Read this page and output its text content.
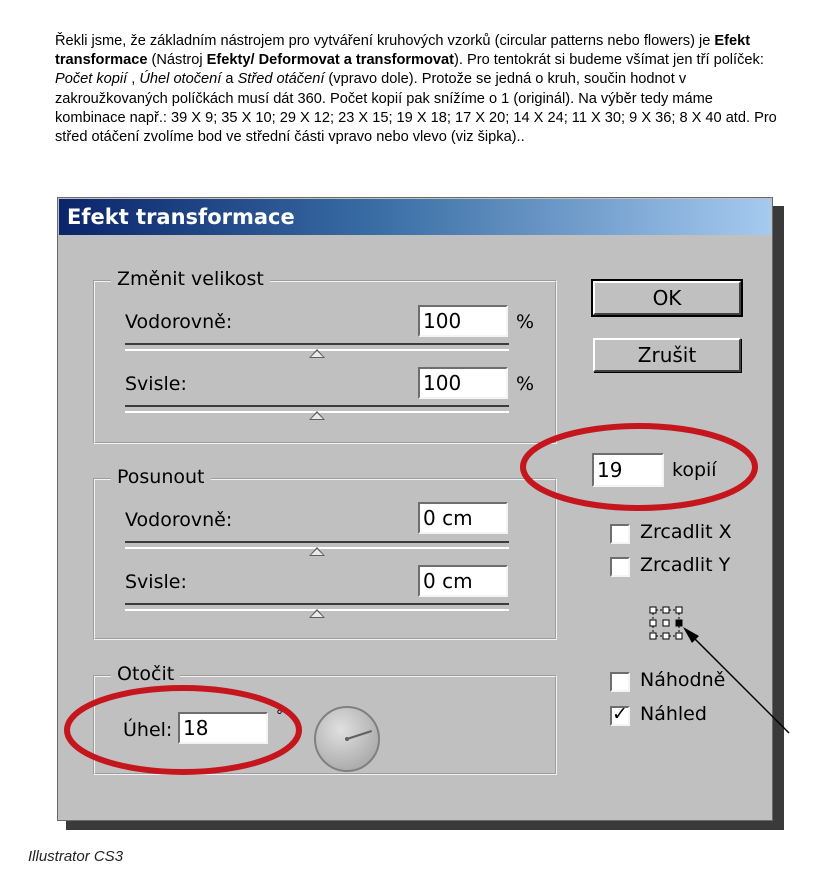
Řekli jsme, že základním nástrojem pro vytváření kruhových vzorků (circular patterns nebo flowers) je Efekt transformace (Nástroj Efekty/ Deformovat a transformovat). Pro tentokrát si budeme všímat jen tří políček: Počet kopií , Úhel otočení a Střed otáčení (vpravo dole). Protože se jedná o kruh, součin hodnot v zakroužkovaných políčkách musí dát 360. Počet kopií pak snížíme o 1 (originál). Na výběr tedy máme kombinace např.: 39 X 9; 35 X 10; 29 X 12; 23 X 15; 19 X 18; 17 X 20; 14 X 24; 11 X 30; 9 X 36; 8 X 40 atd. Pro střed otáčení zvolíme bod ve střední části vpravo nebo vlevo (viz šipka)..

Efekt transformace
Změnit velikost
Vodorovně:	100	%
Svisle:	100	%
Posunout
Vodorovně:	0 cm
Svisle:	0 cm
Otočit
Úhel: 18	°
OK
Zrušit
19	kopií
Zrcadlit X
Zrcadlit Y
Náhodně
✓ Náhled
Illustrator CS3
